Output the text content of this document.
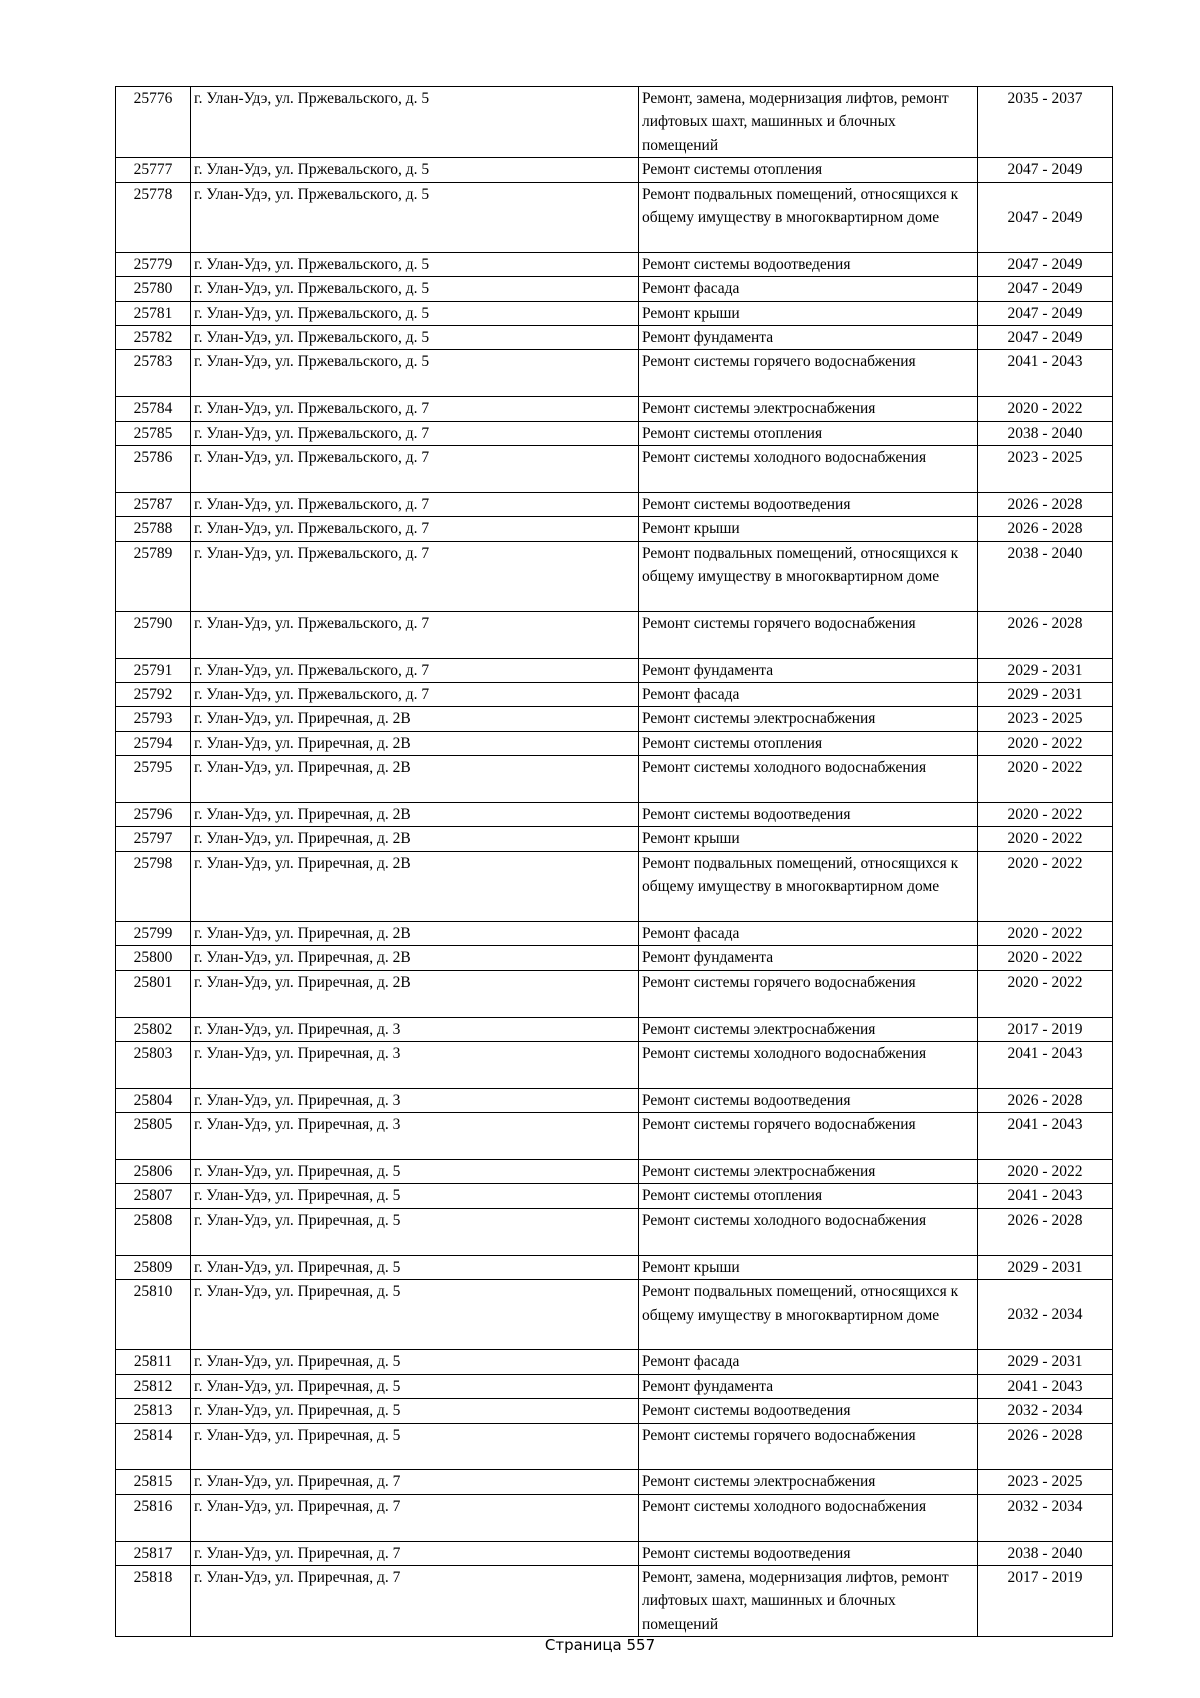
25776	г. Улан-Удэ, ул. Пржевальского, д. 5	Ремонт, замена, модернизация лифтов, ремонт лифтовых шахт, машинных и блочных помещений	2035 - 2037
25777	г. Улан-Удэ, ул. Пржевальского, д. 5	Ремонт системы отопления	2047 - 2049
25778	г. Улан-Удэ, ул. Пржевальского, д. 5	Ремонт подвальных помещений, относящихся к общему имуществу в многоквартирном доме	2047 - 2049
25779	г. Улан-Удэ, ул. Пржевальского, д. 5	Ремонт системы водоотведения	2047 - 2049
25780	г. Улан-Удэ, ул. Пржевальского, д. 5	Ремонт фасада	2047 - 2049
25781	г. Улан-Удэ, ул. Пржевальского, д. 5	Ремонт крыши	2047 - 2049
25782	г. Улан-Удэ, ул. Пржевальского, д. 5	Ремонт фундамента	2047 - 2049
25783	г. Улан-Удэ, ул. Пржевальского, д. 5	Ремонт системы горячего водоснабжения	2041 - 2043
25784	г. Улан-Удэ, ул. Пржевальского, д. 7	Ремонт системы электроснабжения	2020 - 2022
25785	г. Улан-Удэ, ул. Пржевальского, д. 7	Ремонт системы отопления	2038 - 2040
25786	г. Улан-Удэ, ул. Пржевальского, д. 7	Ремонт системы холодного водоснабжения	2023 - 2025
25787	г. Улан-Удэ, ул. Пржевальского, д. 7	Ремонт системы водоотведения	2026 - 2028
25788	г. Улан-Удэ, ул. Пржевальского, д. 7	Ремонт крыши	2026 - 2028
25789	г. Улан-Удэ, ул. Пржевальского, д. 7	Ремонт подвальных помещений, относящихся к общему имуществу в многоквартирном доме	2038 - 2040
25790	г. Улан-Удэ, ул. Пржевальского, д. 7	Ремонт системы горячего водоснабжения	2026 - 2028
25791	г. Улан-Удэ, ул. Пржевальского, д. 7	Ремонт фундамента	2029 - 2031
25792	г. Улан-Удэ, ул. Пржевальского, д. 7	Ремонт фасада	2029 - 2031
25793	г. Улан-Удэ, ул. Приречная, д. 2В	Ремонт системы электроснабжения	2023 - 2025
25794	г. Улан-Удэ, ул. Приречная, д. 2В	Ремонт системы отопления	2020 - 2022
25795	г. Улан-Удэ, ул. Приречная, д. 2В	Ремонт системы холодного водоснабжения	2020 - 2022
25796	г. Улан-Удэ, ул. Приречная, д. 2В	Ремонт системы водоотведения	2020 - 2022
25797	г. Улан-Удэ, ул. Приречная, д. 2В	Ремонт крыши	2020 - 2022
25798	г. Улан-Удэ, ул. Приречная, д. 2В	Ремонт подвальных помещений, относящихся к общему имуществу в многоквартирном доме	2020 - 2022
25799	г. Улан-Удэ, ул. Приречная, д. 2В	Ремонт фасада	2020 - 2022
25800	г. Улан-Удэ, ул. Приречная, д. 2В	Ремонт фундамента	2020 - 2022
25801	г. Улан-Удэ, ул. Приречная, д. 2В	Ремонт системы горячего водоснабжения	2020 - 2022
25802	г. Улан-Удэ, ул. Приречная, д. 3	Ремонт системы электроснабжения	2017 - 2019
25803	г. Улан-Удэ, ул. Приречная, д. 3	Ремонт системы холодного водоснабжения	2041 - 2043
25804	г. Улан-Удэ, ул. Приречная, д. 3	Ремонт системы водоотведения	2026 - 2028
25805	г. Улан-Удэ, ул. Приречная, д. 3	Ремонт системы горячего водоснабжения	2041 - 2043
25806	г. Улан-Удэ, ул. Приречная, д. 5	Ремонт системы электроснабжения	2020 - 2022
25807	г. Улан-Удэ, ул. Приречная, д. 5	Ремонт системы отопления	2041 - 2043
25808	г. Улан-Удэ, ул. Приречная, д. 5	Ремонт системы холодного водоснабжения	2026 - 2028
25809	г. Улан-Удэ, ул. Приречная, д. 5	Ремонт крыши	2029 - 2031
25810	г. Улан-Удэ, ул. Приречная, д. 5	Ремонт подвальных помещений, относящихся к общему имуществу в многоквартирном доме	2032 - 2034
25811	г. Улан-Удэ, ул. Приречная, д. 5	Ремонт фасада	2029 - 2031
25812	г. Улан-Удэ, ул. Приречная, д. 5	Ремонт фундамента	2041 - 2043
25813	г. Улан-Удэ, ул. Приречная, д. 5	Ремонт системы водоотведения	2032 - 2034
25814	г. Улан-Удэ, ул. Приречная, д. 5	Ремонт системы горячего водоснабжения	2026 - 2028
25815	г. Улан-Удэ, ул. Приречная, д. 7	Ремонт системы электроснабжения	2023 - 2025
25816	г. Улан-Удэ, ул. Приречная, д. 7	Ремонт системы холодного водоснабжения	2032 - 2034
25817	г. Улан-Удэ, ул. Приречная, д. 7	Ремонт системы водоотведения	2038 - 2040
25818	г. Улан-Удэ, ул. Приречная, д. 7	Ремонт, замена, модернизация лифтов, ремонт лифтовых шахт, машинных и блочных помещений	2017 - 2019
Страница 557
